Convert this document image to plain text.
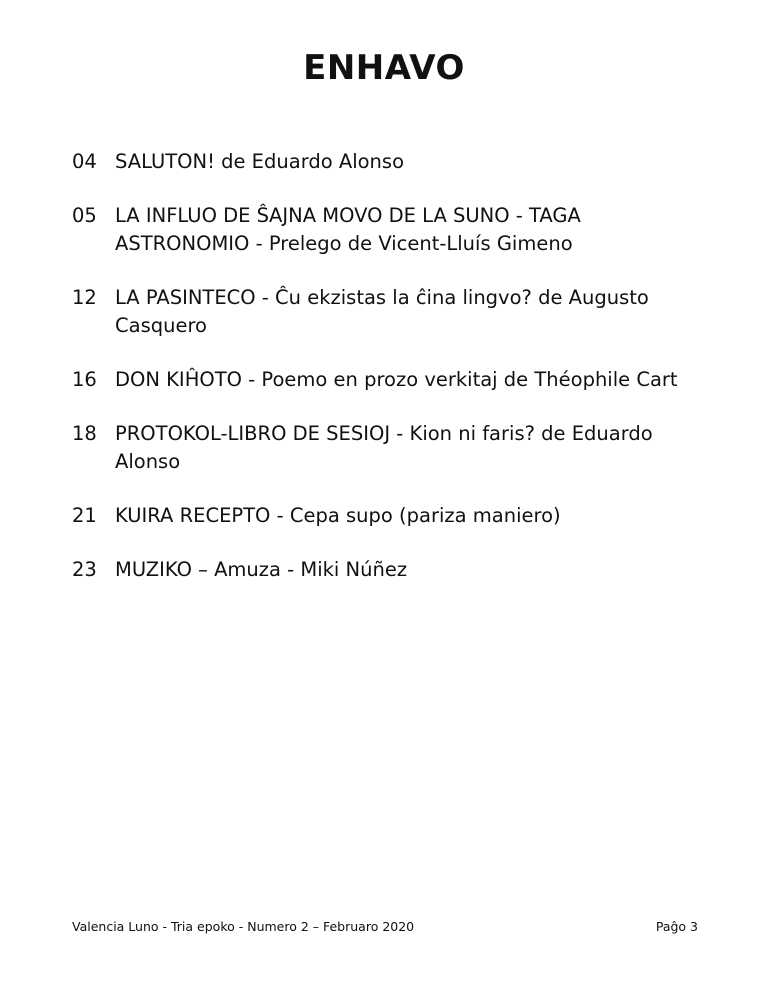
ENHAVO
04 SALUTON! de Eduardo Alonso
05 LA INFLUO DE ŜAJNA MOVO DE LA SUNO - TAGA ASTRONOMIO - Prelego de Vicent-Lluís Gimeno
12 LA PASINTECO - Ĉu ekzistas la ĉina lingvo? de Augusto Casquero
16 DON KIĤOTO - Poemo en prozo verkitaj de Théophile Cart
18 PROTOKOL-LIBRO DE SESIOJ - Kion ni faris? de Eduardo Alonso
21 KUIRA RECEPTO - Cepa supo (pariza maniero)
23 MUZIKO – Amuza - Miki Núñez
Valencia Luno - Tria epoko - Numero 2 – Februaro 2020	Paĝo 3
